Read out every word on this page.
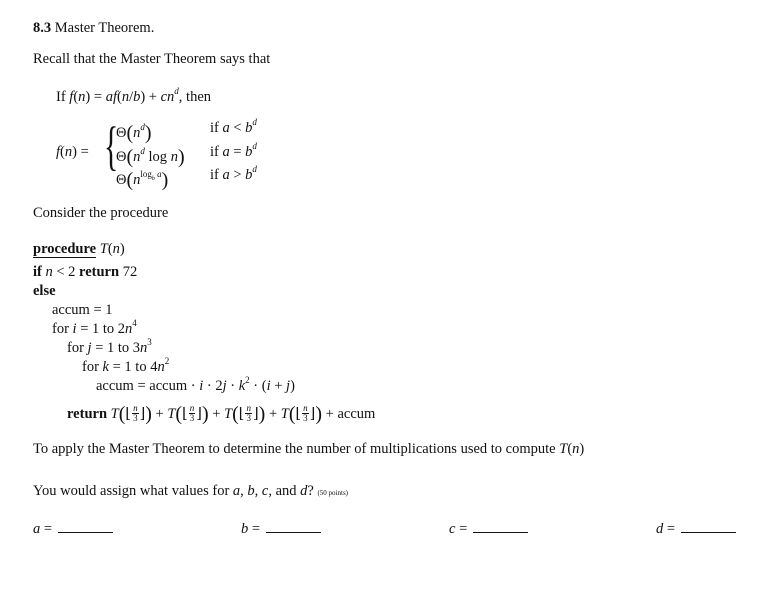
8.3 Master Theorem.
Recall that the Master Theorem says that
If $f(n) = af(n/b) + cn^d$, then
f(n) = {
$\Theta(n^d)$	if $a < b^d$
$\Theta(n^d$ log n) if $a = b^d$
$\Theta(n^{log_b a})$	if $a > b^d$
Consider the procedure
procedure T(n)
if n < 2 return 72
else
accum = 1
for i = 1 to $2n^4$
for j = 1 to $3n^3$
for k = 1 to $4n^2$
accum = accum · $i \cdot 2j \cdot k^2 \cdot (i + j)$
return T(⌊ $\frac{n}{3}$ ⌋) + T(⌊ $\frac{n}{3}$ ⌋) + T(⌊ $\frac{n}{3}$ ⌋) + T(⌊ $\frac{n}{3}$ ⌋) + accum
To apply the Master Theorem to determine the number of multiplications used to compute T(n)
You would assign what values for a, b, c, and d? (50 points)
a =	b =	c =	d =
